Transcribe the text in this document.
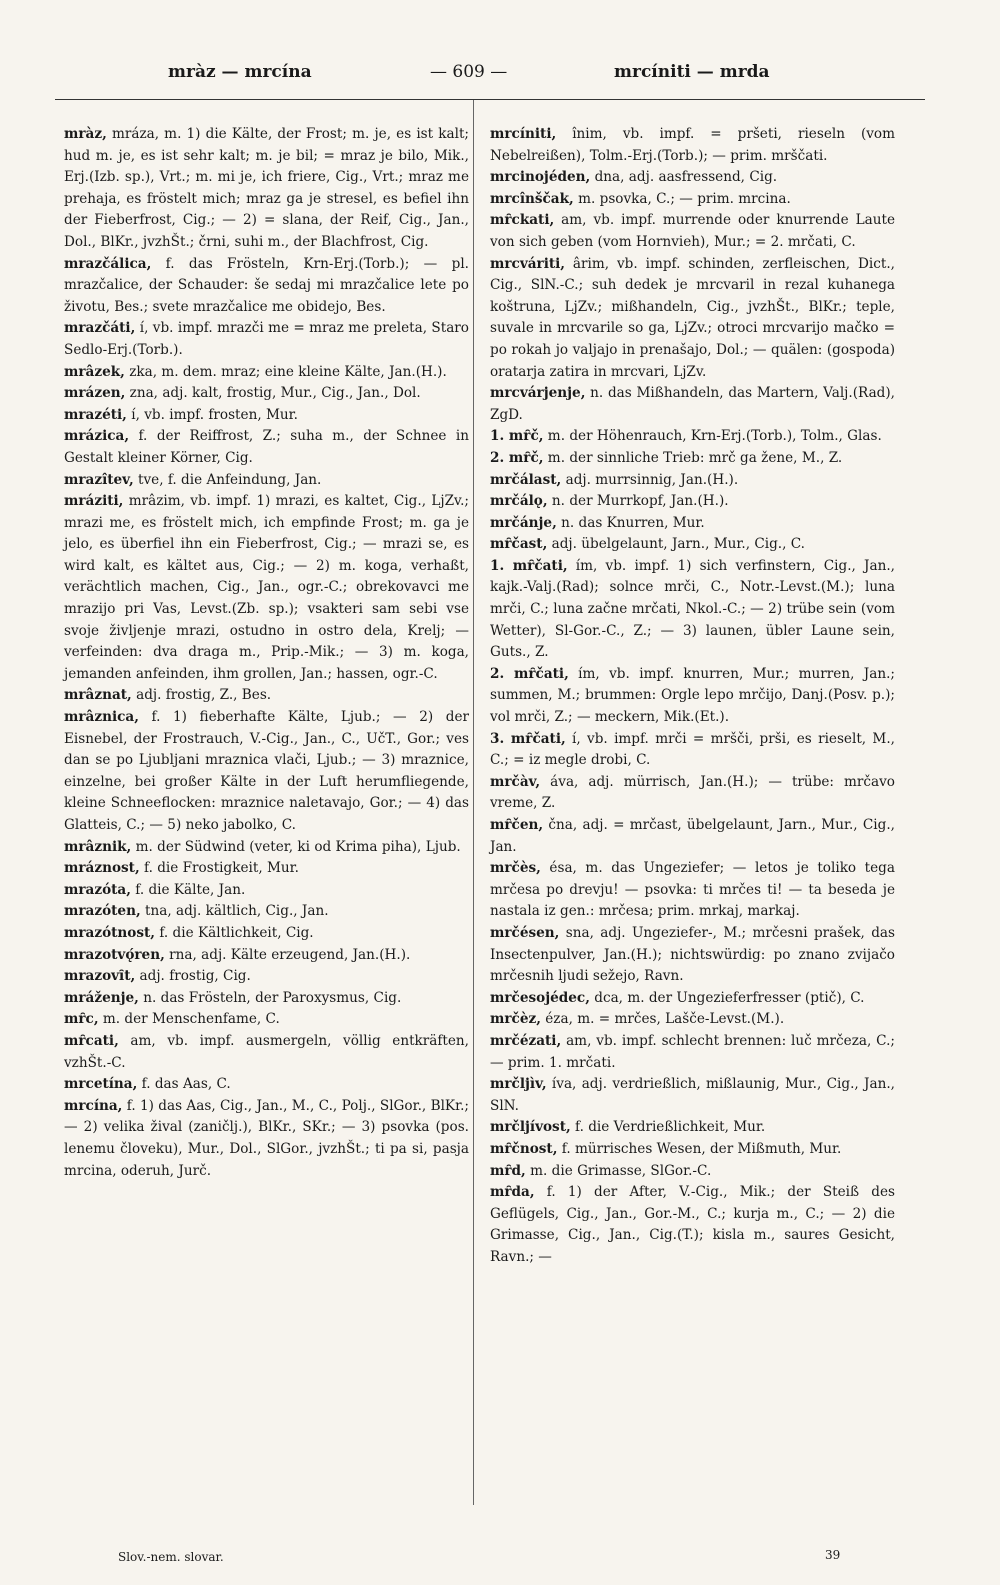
mràz — mrcína	— 609 —	mrcíniti — mrda
mràz, mráza, m. 1) die Kälte, der Frost; m. je, es ist kalt; hud m. je, es ist sehr kalt; m. je bil; = mraz je bilo, Mik., Erj.(Izb. sp.), Vrt.; m. mi je, ich friere, Cig., Vrt.; mraz me prehaja, es fröstelt mich; mraz ga je stresel, es befiel ihn der Fieberfrost, Cig.; — 2) = slana, der Reif, Cig., Jan., Dol., BlKr., jvzhŠt.; črni, suhi m., der Blachfrost, Cig.
mrazčálica, f. das Frösteln, Krn-Erj.(Torb.); — pl. mrazčalice, der Schauder: še sedaj mi mrazčalice lete po životu, Bes.; svete mrazčalice me obidejo, Bes.
mrazčáti, í, vb. impf. mrazči me = mraz me preleta, Staro Sedlo-Erj.(Torb.).
mrâzek, zka, m. dem. mraz; eine kleine Kälte, Jan.(H.).
mrázen, zna, adj. kalt, frostig, Mur., Cig., Jan., Dol.
mrazéti, í, vb. impf. frosten, Mur.
mrázica, f. der Reiffrost, Z.; suha m., der Schnee in Gestalt kleiner Körner, Cig.
mrazîtev, tve, f. die Anfeindung, Jan.
mráziti, mrâzim, vb. impf. 1) mrazi, es kaltet, Cig., LjZv.; mrazi me, es fröstelt mich, ich empfinde Frost; m. ga je jelo, es überfiel ihn ein Fieberfrost, Cig.; — mrazi se, es wird kalt, es kältet aus, Cig.; — 2) m. koga, verhaßt, verächtlich machen, Cig., Jan., ogr.-C.; obrekovavci me mrazijo pri Vas, Levst.(Zb. sp.); vsakteri sam sebi vse svoje življenje mrazi, ostudno in ostro dela, Krelj; — verfeinden: dva draga m., Prip.-Mik.; — 3) m. koga, jemanden anfeinden, ihm grollen, Jan.; hassen, ogr.-C.
mrâznat, adj. frostig, Z., Bes.
mrâznica, f. 1) fieberhafte Kälte, Ljub.; — 2) der Eisnebel, der Frostrauch, V.-Cig., Jan., C., UčT., Gor.; ves dan se po Ljubljani mraznica vlači, Ljub.; — 3) mraznice, einzelne, bei großer Kälte in der Luft herumfliegende, kleine Schneeflocken: mraznice naletavajo, Gor.; — 4) das Glatteis, C.; — 5) neko jabolko, C.
mrâznik, m. der Südwind (veter, ki od Krima piha), Ljub.
mráznost, f. die Frostigkeit, Mur.
mrazóta, f. die Kälte, Jan.
mrazóten, tna, adj. kältlich, Cig., Jan.
mrazótnost, f. die Kältlichkeit, Cig.
mrazotvǫ́ren, rna, adj. Kälte erzeugend, Jan.(H.).
mrazovȋt, adj. frostig, Cig.
mráženje, n. das Frösteln, der Paroxysmus, Cig.
mȓc, m. der Menschenfame, C.
mȓcati, am, vb. impf. ausmergeln, völlig entkräften, vzhŠt.-C.
mrcetína, f. das Aas, C.
mrcína, f. 1) das Aas, Cig., Jan., M., C., Polj., SlGor., BlKr.; — 2) velika žival (zaničlj.), BlKr., SKr.; — 3) psovka (pos. lenemu človeku), Mur., Dol., SlGor., jvzhŠt.; ti pa si, pasja mrcina, oderuh, Jurč.
mrcíniti, înim, vb. impf. = pršeti, rieseln (vom Nebelreißen), Tolm.-Erj.(Torb.); — prim. mrščati.
mrcinojéden, dna, adj. aasfressend, Cig.
mrcînščak, m. psovka, C.; — prim. mrcina.
mȓckati, am, vb. impf. murrende oder knurrende Laute von sich geben (vom Hornvieh), Mur.; = 2. mrčati, C.
mrcváriti, ârim, vb. impf. schinden, zerfleischen, Dict., Cig., SlN.-C.; suh dedek je mrcvaril in rezal kuhanega koštruna, LjZv.; mißhandeln, Cig., jvzhŠt., BlKr.; teple, suvale in mrcvarile so ga, LjZv.; otroci mrcvarijo mačko = po rokah jo valjajo in prenašajo, Dol.; — quälen: (gospoda) oratarja zatira in mrcvari, LjZv.
mrcvárjenje, n. das Mißhandeln, das Martern, Valj.(Rad), ZgD.
1. mȓč, m. der Höhenrauch, Krn-Erj.(Torb.), Tolm., Glas.
2. mȓč, m. der sinnliche Trieb: mrč ga žene, M., Z.
mrčálast, adj. murrsinnig, Jan.(H.).
mrčálǫ, n. der Murrkopf, Jan.(H.).
mrčánje, n. das Knurren, Mur.
mȓčast, adj. übelgelaunt, Jarn., Mur., Cig., C.
1. mȓčati, ím, vb. impf. 1) sich verfinstern, Cig., Jan., kajk.-Valj.(Rad); solnce mrči, C., Notr.-Levst.(M.); luna mrči, C.; luna začne mrčati, Nkol.-C.; — 2) trübe sein (vom Wetter), Sl-Gor.-C., Z.; — 3) launen, übler Laune sein, Guts., Z.
2. mȓčati, ím, vb. impf. knurren, Mur.; murren, Jan.; summen, M.; brummen: Orgle lepo mrčijo, Danj.(Posv. p.); vol mrči, Z.; — meckern, Mik.(Et.).
3. mȓčati, í, vb. impf. mrči = mršči, prši, es rieselt, M., C.; = iz megle drobi, C.
mrčàv, áva, adj. mürrisch, Jan.(H.); — trübe: mrčavo vreme, Z.
mȓčen, čna, adj. = mrčast, übelgelaunt, Jarn., Mur., Cig., Jan.
mrčès, ésa, m. das Ungeziefer; — letos je toliko tega mrčesa po drevju! — psovka: ti mrčes ti! — ta beseda je nastala iz gen.: mrčesa; prim. mrkaj, markaj.
mrčésen, sna, adj. Ungeziefer-, M.; mrčesni prašek, das Insectenpulver, Jan.(H.); nichtswürdig: po znano zvijačo mrčesnih ljudi sežejo, Ravn.
mrčesojédec, dca, m. der Ungezieferfresser (ptič), C.
mrčèz, éza, m. = mrčes, Lašče-Levst.(M.).
mrčézati, am, vb. impf. schlecht brennen: luč mrčeza, C.; — prim. 1. mrčati.
mrčljìv, íva, adj. verdrießlich, mißlaunig, Mur., Cig., Jan., SlN.
mrčljívost, f. die Verdrießlichkeit, Mur.
mȓčnost, f. mürrisches Wesen, der Mißmuth, Mur.
mȓd, m. die Grimasse, SlGor.-C.
mȓda, f. 1) der After, V.-Cig., Mik.; der Steiß des Geflügels, Cig., Jan., Gor.-M., C.; kurja m., C.; — 2) die Grimasse, Cig., Jan., Cig.(T.); kisla m., saures Gesicht, Ravn.; —
Slov.-nem. slovar.	39
